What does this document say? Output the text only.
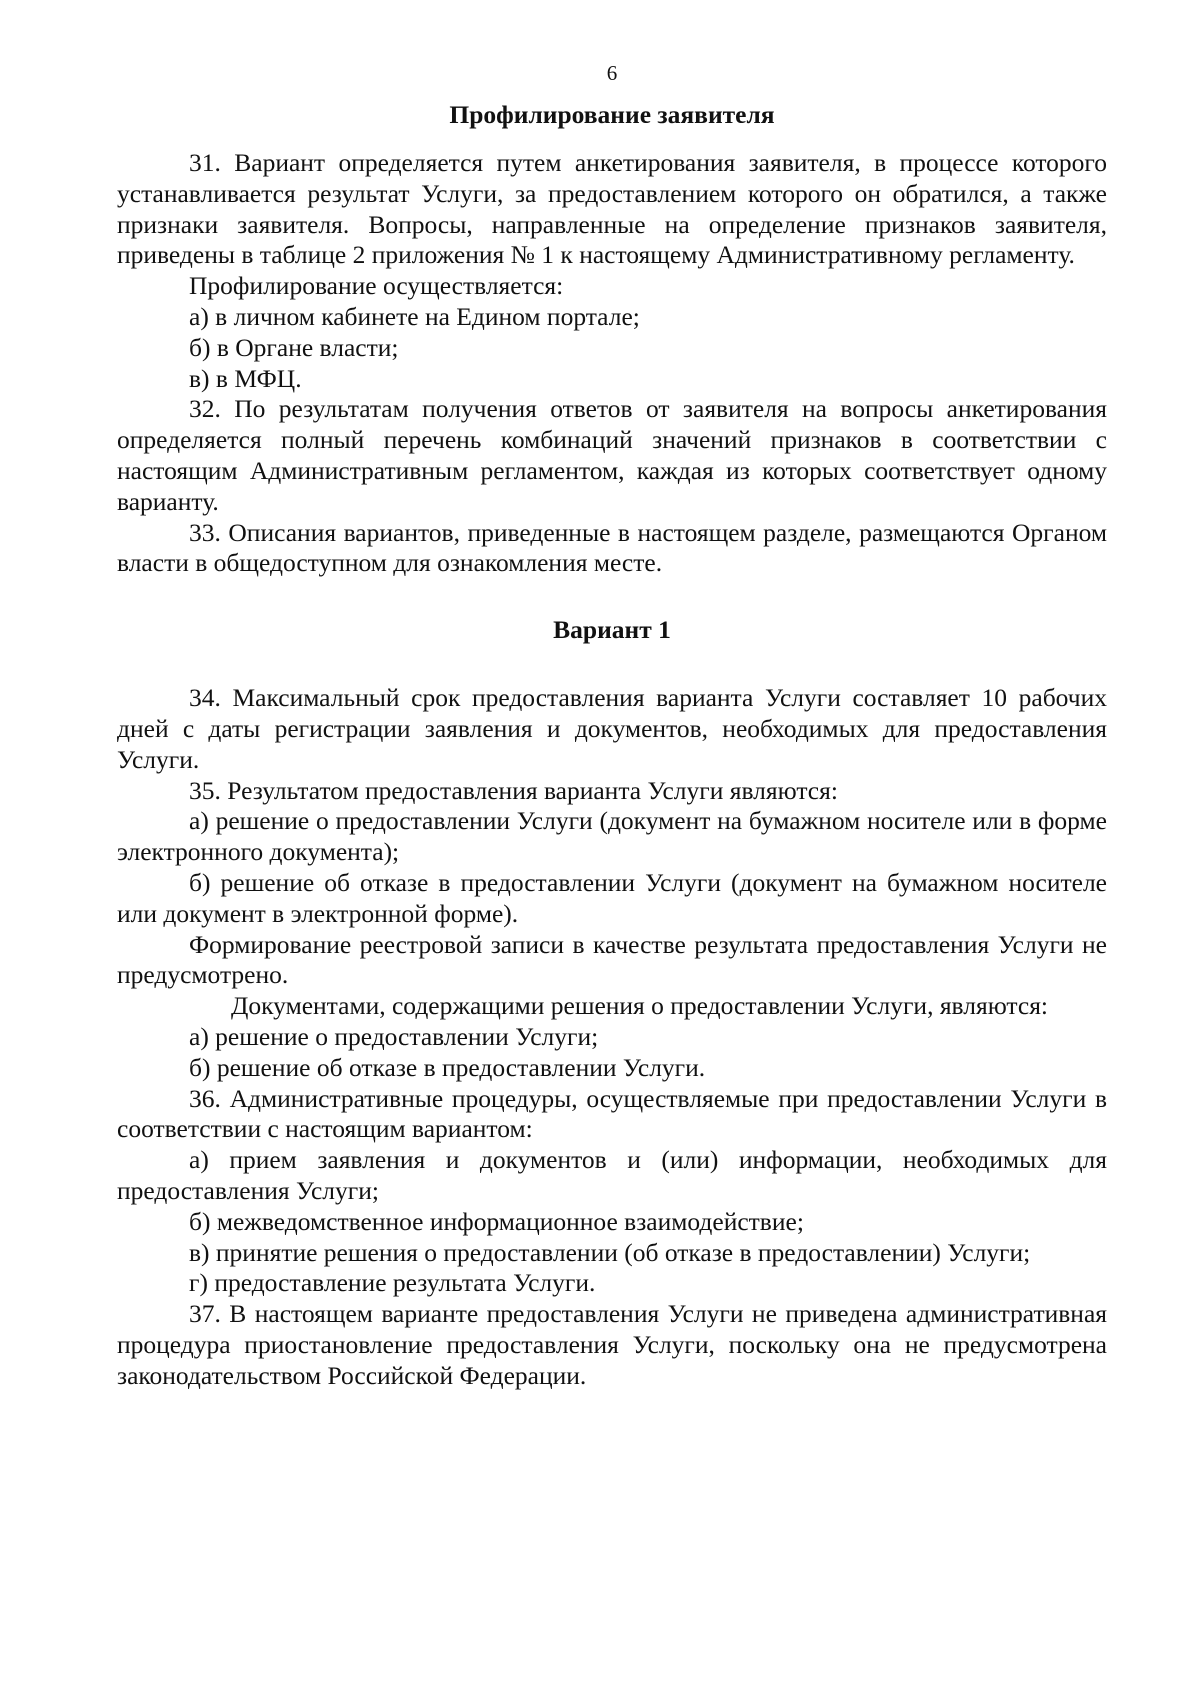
6
Профилирование заявителя

31. Вариант определяется путем анкетирования заявителя, в процессе которого устанавливается результат Услуги, за предоставлением которого он обратился, а также признаки заявителя. Вопросы, направленные на определение признаков заявителя, приведены в таблице 2 приложения № 1 к настоящему Административному регламенту.

Профилирование осуществляется:

а) в личном кабинете на Едином портале;

б) в Органе власти;

в) в МФЦ.

32. По результатам получения ответов от заявителя на вопросы анкетирования определяется полный перечень комбинаций значений признаков в соответствии с настоящим Административным регламентом, каждая из которых соответствует одному варианту.

33. Описания вариантов, приведенные в настоящем разделе, размещаются Органом власти в общедоступном для ознакомления месте.

Вариант 1

34. Максимальный срок предоставления варианта Услуги составляет 10 рабочих дней с даты регистрации заявления и документов, необходимых для предоставления Услуги.

35. Результатом предоставления варианта Услуги являются:

а) решение о предоставлении Услуги (документ на бумажном носителе или в форме электронного документа);

б) решение об отказе в предоставлении Услуги (документ на бумажном носителе или документ в электронной форме).

Формирование реестровой записи в качестве результата предоставления Услуги не предусмотрено.

Документами, содержащими решения о предоставлении Услуги, являются:

а) решение о предоставлении Услуги;

б) решение об отказе в предоставлении Услуги.

36. Административные процедуры, осуществляемые при предоставлении Услуги в соответствии с настоящим вариантом:

а) прием заявления и документов и (или) информации, необходимых для предоставления Услуги;

б) межведомственное информационное взаимодействие;

в) принятие решения о предоставлении (об отказе в предоставлении) Услуги;

г) предоставление результата Услуги.

37. В настоящем варианте предоставления Услуги не приведена административная процедура приостановление предоставления Услуги, поскольку она не предусмотрена законодательством Российской Федерации.
